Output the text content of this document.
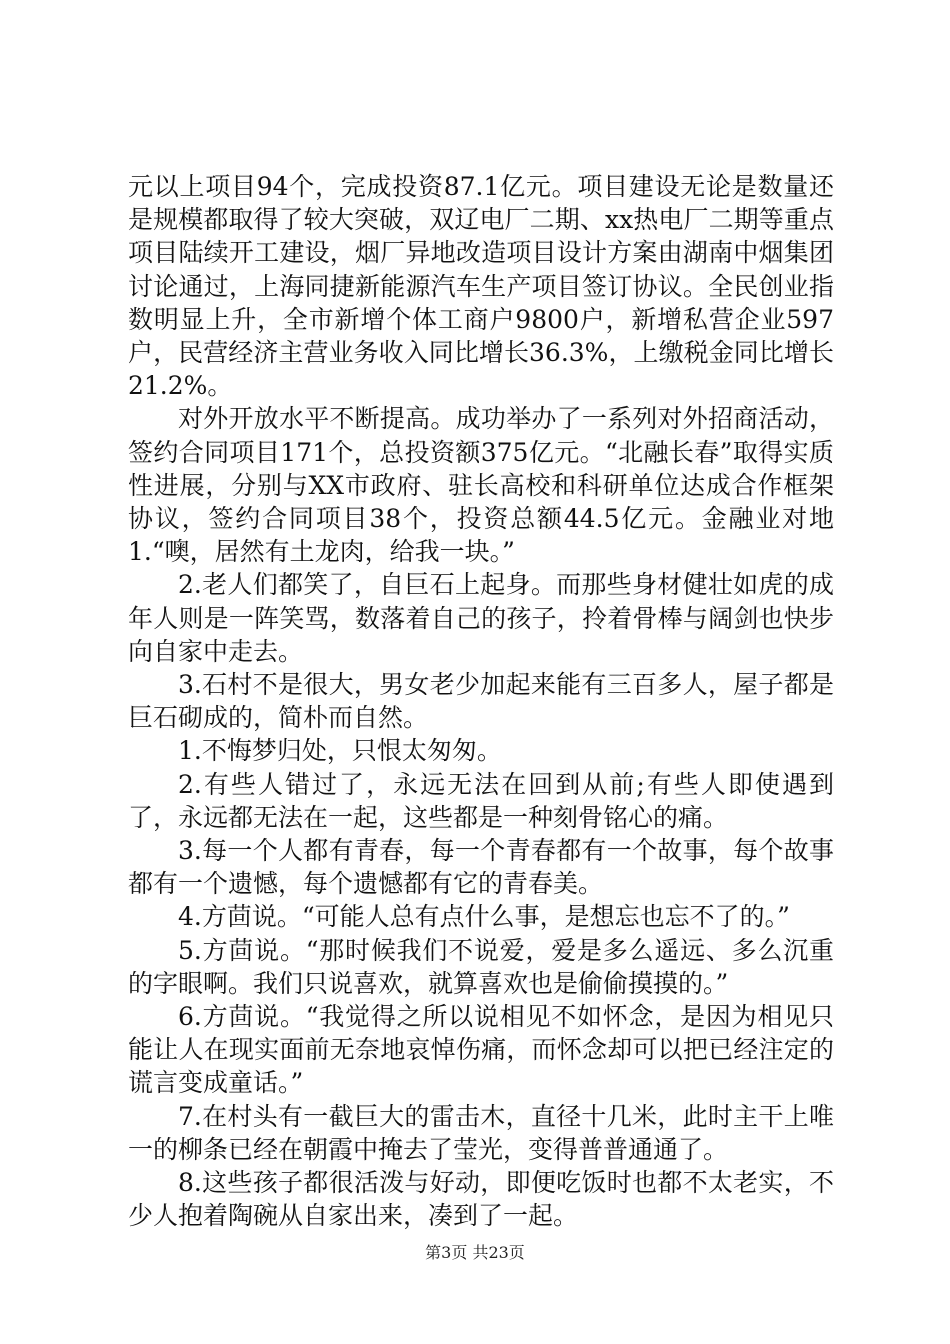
元以上项目94个，完成投资87.1亿元。项目建设无论是数量还是规模都取得了较大突破，双辽电厂二期、xx热电厂二期等重点项目陆续开工建设，烟厂异地改造项目设计方案由湖南中烟集团讨论通过，上海同捷新能源汽车生产项目签订协议。全民创业指数明显上升，全市新增个体工商户9800户，新增私营企业597户，民营经济主营业务收入同比增长36.3%，上缴税金同比增长21.2%。

对外开放水平不断提高。成功举办了一系列对外招商活动，签约合同项目171个，总投资额375亿元。“北融长春”取得实质性进展，分别与XX市政府、驻长高校和科研单位达成合作框架协议，签约合同项目38个，投资总额44.5亿元。金融业对地1.“噢，居然有土龙肉，给我一块。”

2.老人们都笑了，自巨石上起身。而那些身材健壮如虎的成年人则是一阵笑骂，数落着自己的孩子，拎着骨棒与阔剑也快步向自家中走去。

3.石村不是很大，男女老少加起来能有三百多人，屋子都是巨石砌成的，简朴而自然。

1.不悔梦归处，只恨太匆匆。

2.有些人错过了，永远无法在回到从前;有些人即使遇到了，永远都无法在一起，这些都是一种刻骨铭心的痛。

3.每一个人都有青春，每一个青春都有一个故事，每个故事都有一个遗憾，每个遗憾都有它的青春美。

4.方茴说。“可能人总有点什么事，是想忘也忘不了的。”

5.方茴说。“那时候我们不说爱，爱是多么遥远、多么沉重的字眼啊。我们只说喜欢，就算喜欢也是偷偷摸摸的。”

6.方茴说。“我觉得之所以说相见不如怀念，是因为相见只能让人在现实面前无奈地哀悼伤痛，而怀念却可以把已经注定的谎言变成童话。”

7.在村头有一截巨大的雷击木，直径十几米，此时主干上唯一的柳条已经在朝霞中掩去了莹光，变得普普通通了。

8.这些孩子都很活泼与好动，即便吃饭时也都不太老实，不少人抱着陶碗从自家出来，凑到了一起。

第3页 共23页
